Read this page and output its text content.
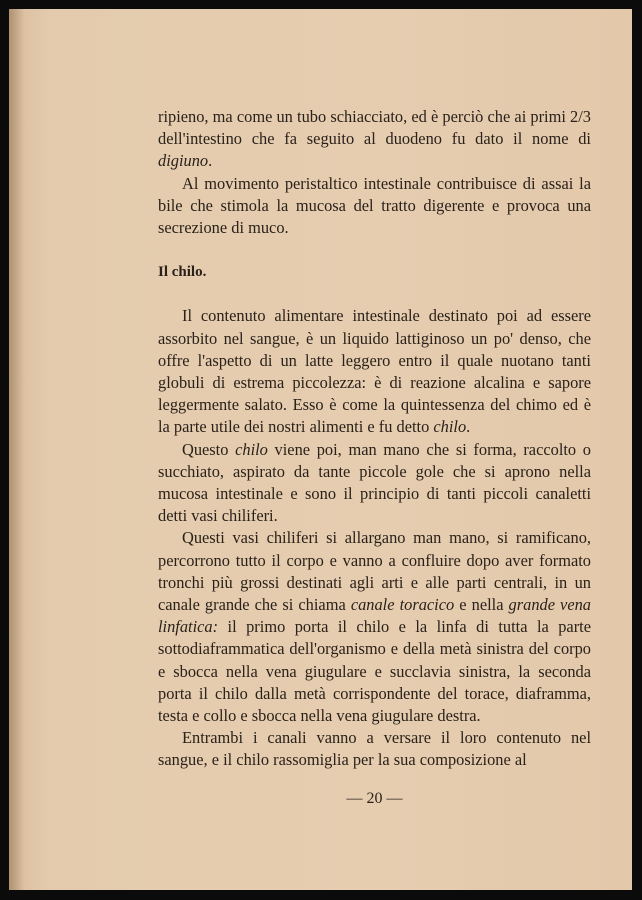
ripieno, ma come un tubo schiacciato, ed è perciò che ai primi 2/3 dell'intestino che fa seguito al duodeno fu dato il nome di digiuno.

Al movimento peristaltico intestinale contribuisce di assai la bile che stimola la mucosa del tratto digerente e provoca una secrezione di muco.

Il chilo.

Il contenuto alimentare intestinale destinato poi ad essere assorbito nel sangue, è un liquido lattiginoso un po' denso, che offre l'aspetto di un latte leggero entro il quale nuotano tanti globuli di estrema piccolezza: è di reazione alcalina e sapore leggermente salato. Esso è come la quintessenza del chimo ed è la parte utile dei nostri alimenti e fu detto chilo.

Questo chilo viene poi, man mano che si forma, raccolto o succhiato, aspirato da tante piccole gole che si aprono nella mucosa intestinale e sono il principio di tanti piccoli canaletti detti vasi chiliferi.

Questi vasi chiliferi si allargano man mano, si ramificano, percorrono tutto il corpo e vanno a confluire dopo aver formato tronchi più grossi destinati agli arti e alle parti centrali, in un canale grande che si chiama canale toracico e nella grande vena linfatica: il primo porta il chilo e la linfa di tutta la parte sottodiaframmatica dell'organismo e della metà sinistra del corpo e sbocca nella vena giugulare e succlavia sinistra, la seconda porta il chilo dalla metà corrispondente del torace, diaframma, testa e collo e sbocca nella vena giugulare destra.

Entrambi i canali vanno a versare il loro contenuto nel sangue, e il chilo rassomiglia per la sua composizione al

— 20 —
